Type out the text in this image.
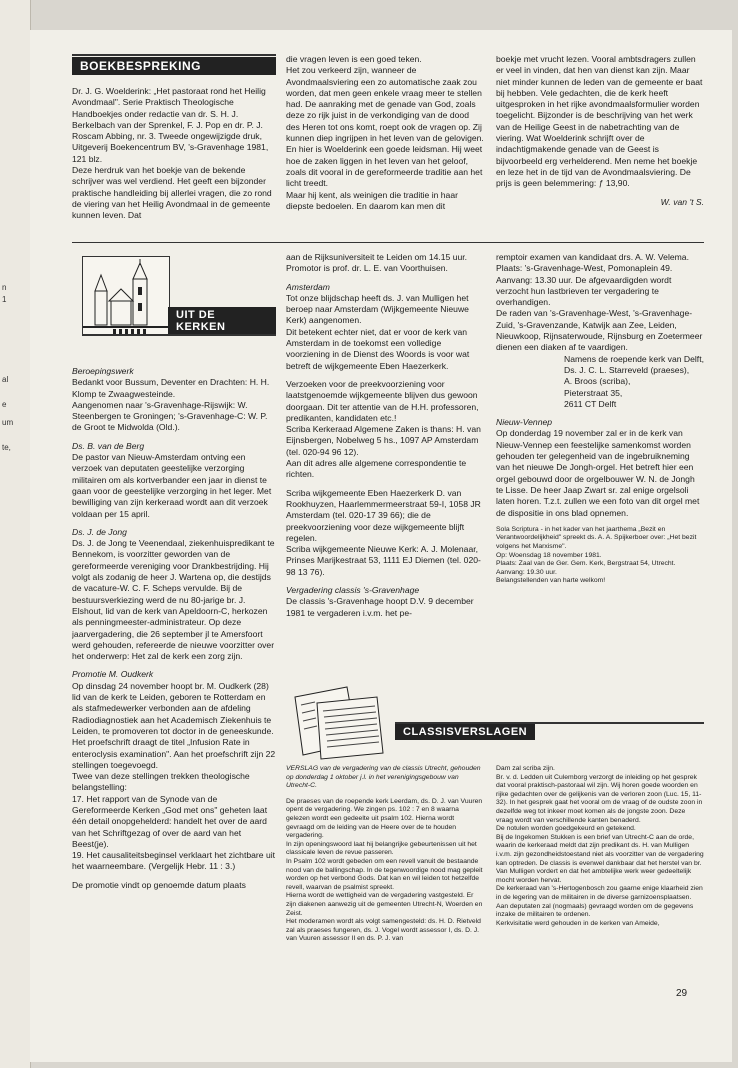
n
1
al
e
um
te,
BOEKBESPREKING

Dr. J. G. Woelderink: „Het pastoraat rond het Heilig Avondmaal". Serie Praktisch Theologische Handboekjes onder redactie van dr. S. H. J. Berkelbach van der Sprenkel, F. J. Pop en dr. P. J. Roscam Abbing, nr. 3. Tweede ongewijzigde druk, Uitgeverij Boekencentrum BV, 's-Gravenhage 1981, 121 blz.

Deze herdruk van het boekje van de bekende schrijver was wel verdiend. Het geeft een bijzonder praktische handleiding bij allerlei vragen, die zo rond de viering van het Heilig Avondmaal in de gemeente kunnen leven. Dat

die vragen leven is een goed teken.

Het zou verkeerd zijn, wanneer de Avondmaalsviering een zo automatische zaak zou worden, dat men geen enkele vraag meer te stellen had. De aanraking met de genade van God, zoals deze zo rijk juist in de verkondiging van de dood des Heren tot ons komt, roept ook de vragen op. Zij kunnen diep ingrijpen in het leven van de gelovigen.

En hier is Woelderink een goede leidsman. Hij weet hoe de zaken liggen in het leven van het geloof, zoals dit vooral in de gereformeerde traditie aan het licht treedt.

Maar hij kent, als weinigen die traditie in haar diepste bedoelen. En daarom kan men dit

boekje met vrucht lezen. Vooral ambtsdragers zullen er veel in vinden, dat hen van dienst kan zijn. Maar niet minder kunnen de leden van de gemeente er baat bij hebben. Vele gedachten, die de kerk heeft uitgesproken in het rijke avondmaalsformulier worden toegelicht. Bijzonder is de beschrijving van het werk van de Heilige Geest in de nabetrachting van de viering. Wat Woelderink schrijft over de indachtigmakende genade van de Geest is bijvoorbeeld erg verhelderend. Men neme het boekje en leze het in de tijd van de Avondmaalsviering. De prijs is geen belemmering: ƒ 13,90.

W. van 't S.

UIT DE KERKEN

Beroepingswerk

Bedankt voor Bussum, Deventer en Drachten: H. H. Klomp te Zwaagwesteinde.

Aangenomen naar 's-Gravenhage-Rijswijk: W. Steenbergen te Groningen; 's-Gravenhage-C: W. P. de Groot te Midwolda (Old.).

Ds. B. van de Berg

De pastor van Nieuw-Amsterdam ontving een verzoek van deputaten geestelijke verzorging militairen om als kortverbander een jaar in dienst te gaan voor de geestelijke verzorging in het leger. Met bewilliging van zijn kerkeraad wordt aan dit verzoek voldaan per 15 april.

Ds. J. de Jong

Ds. J. de Jong te Veenendaal, ziekenhuispredikant te Bennekom, is voorzitter geworden van de gereformeerde vereniging voor Drankbestrijding. Hij volgt als zodanig de heer J. Wartena op, die destijds de vacature-W. C. F. Scheps vervulde. Bij de bestuursverkiezing werd de nu 80-jarige br. J. Elshout, lid van de kerk van Apeldoorn-C, herkozen als penningmeester-administrateur. Op deze jaarvergadering, die 26 september jl te Amersfoort werd gehouden, refereerde de nieuwe voorzitter over het onderwerp: Het zal de kerk een zorg zijn.

Promotie M. Oudkerk

Op dinsdag 24 november hoopt br. M. Oudkerk (28) lid van de kerk te Leiden, geboren te Rotterdam en als stafmedewerker verbonden aan de afdeling Radiodiagnostiek aan het Academisch Ziekenhuis te Leiden, te promoveren tot doctor in de geneeskunde. Het proefschrift draagt de titel „Infusion Rate in enteroclysis examination". Aan het proefschrift zijn 22 stellingen toegevoegd.

Twee van deze stellingen trekken theologische belangstelling:

17. Het rapport van de Synode van de Gereformeerde Kerken „God met ons" geheten laat één detail onopgehelderd: handelt het over de aard van het Schriftgezag of over de aard van het Beest(je).

19. Het causaliteitsbeginsel verklaart het zichtbare uit het waarneembare. (Vergelijk Hebr. 11 : 3.)

De promotie vindt op genoemde datum plaats

aan de Rijksuniversiteit te Leiden om 14.15 uur. Promotor is prof. dr. L. E. van Voorthuisen.

Amsterdam

Tot onze blijdschap heeft ds. J. van Mulligen het beroep naar Amsterdam (Wijkgemeente Nieuwe Kerk) aangenomen.

Dit betekent echter niet, dat er voor de kerk van Amsterdam in de toekomst een volledige voorziening in de Dienst des Woords is voor wat betreft de wijkgemeente Eben Haezerkerk.

Verzoeken voor de preekvoorziening voor laatstgenoemde wijkgemeente blijven dus gewoon doorgaan. Dit ter attentie van de H.H. professoren, predikanten, kandidaten etc.!

Scriba Kerkeraad Algemene Zaken is thans: H. van Eijnsbergen, Nobelweg 5 hs., 1097 AP Amsterdam (tel. 020-94 96 12).

Aan dit adres alle algemene correspondentie te richten.

Scriba wijkgemeente Eben Haezerkerk D. van Rookhuyzen, Haarlemmermeerstraat 59-I, 1058 JR Amsterdam (tel. 020-17 39 66); die de preekvoorziening voor deze wijkgemeente blijft regelen.

Scriba wijkgemeente Nieuwe Kerk: A. J. Molenaar, Prinses Marijkestraat 53, 1111 EJ Diemen (tel. 020-98 13 76).

Vergadering classis 's-Gravenhage

De classis 's-Gravenhage hoopt D.V. 9 december 1981 te vergaderen i.v.m. het pe-

remptoir examen van kandidaat drs. A. W. Velema. Plaats: 's-Gravenhage-West, Pomonaplein 49. Aanvang: 13.30 uur. De afgevaardigden wordt verzocht hun lastbrieven ter vergadering te overhandigen.

De raden van 's-Gravenhage-West, 's-Gravenhage-Zuid, 's-Gravenzande, Katwijk aan Zee, Leiden, Nieuwkoop, Rijnsaterwoude, Rijnsburg en Zoetermeer dienen een diaken af te vaardigen.

Namens de roepende kerk van Delft,

Ds. J. C. L. Starreveld (praeses),

A. Broos (scriba),

Pieterstraat 35,

2611 CT Delft

Nieuw-Vennep

Op donderdag 19 november zal er in de kerk van Nieuw-Vennep een feestelijke samenkomst worden gehouden ter gelegenheid van de ingebruikneming van het nieuwe De Jongh-orgel. Het betreft hier een orgel gebouwd door de orgelbouwer W. N. de Jongh te Lisse. De heer Jaap Zwart sr. zal enige orgelsoli laten horen. T.z.t. zullen we een foto van dit orgel met de dispositie in ons blad opnemen.

Sola Scriptura - in het kader van het jaarthema „Bezit en Verantwoordelijkheid" spreekt ds. A. A. Spijkerboer over: „Het bezit volgens het Marxisme".

Op: Woensdag 18 november 1981.

Plaats: Zaal van de Ger. Gem. Kerk, Bergstraat 54, Utrecht.

Aanvang: 19.30 uur.

Belangstellenden van harte welkom!

CLASSISVERSLAGEN

VERSLAG van de vergadering van de classis Utrecht, gehouden op donderdag 1 oktober j.l. in het verenigingsgebouw van Utrecht-C.

De praeses van de roepende kerk Leerdam, ds. D. J. van Vuuren opent de vergadering. We zingen ps. 102 : 7 en 8 waarna gelezen wordt een gedeelte uit psalm 102. Hierna wordt gevraagd om de leiding van de Heere over de te houden vergadering.

In zijn openingswoord laat hij belangrijke gebeurtenissen uit het classicale leven de revue passeren.

In Psalm 102 wordt gebeden om een revell vanuit de bestaande nood van de ballingschap. In de tegenwoordige nood mag gepleit worden op het verbond Gods. Dat kan en wil leiden tot hetzelfde revell, waarvan de psalmist spreekt.

Hierna wordt de wettigheid van de vergadering vastgesteld. Er zijn diakenen aanwezig uit de gemeenten Utrecht-N, Woerden en Zeist.

Het moderamen wordt als volgt samengesteld: ds. H. D. Rietveld zal als praeses fungeren, ds. J. Vogel wordt assessor I, ds. D. J. van Vuuren assessor II en ds. P. J. van

Dam zal scriba zijn.

Br. v. d. Ledden uit Culemborg verzorgt de inleiding op het gesprek dat vooral praktisch-pastoraal wil zijn. Wij horen goede woorden en rijke gedachten over de gelijkenis van de verloren zoon (Luc. 15, 11-32). In het gesprek gaat het vooral om de vraag of de oudste zoon in dezelfde weg tot inkeer moet komen als de jongste zoon. Deze vraag wordt van verschillende kanten benaderd.

De notulen worden goedgekeurd en getekend.

Bij de Ingekomen Stukken is een brief van Utrecht-C aan de orde, waarin de kerkeraad meldt dat zijn predikant ds. H. van Mulligen i.v.m. zijn gezondheidstoestand niet als voorzitter van de vergadering kan optreden. De classis is evenwel dankbaar dat het herstel van br. Van Mulligen vordert en dat het ambtelijke werk weer gedeeltelijk mocht worden hervat.

De kerkeraad van 's-Hertogenbosch zou gaarne enige klaarheid zien in de legering van de militairen in de diverse garnizoensplaatsen. Aan deputaten zal (nogmaals) gevraagd worden om de gegevens inzake de militairen te ordenen.

Kerkvisitatie werd gehouden in de kerken van Ameide,

29
